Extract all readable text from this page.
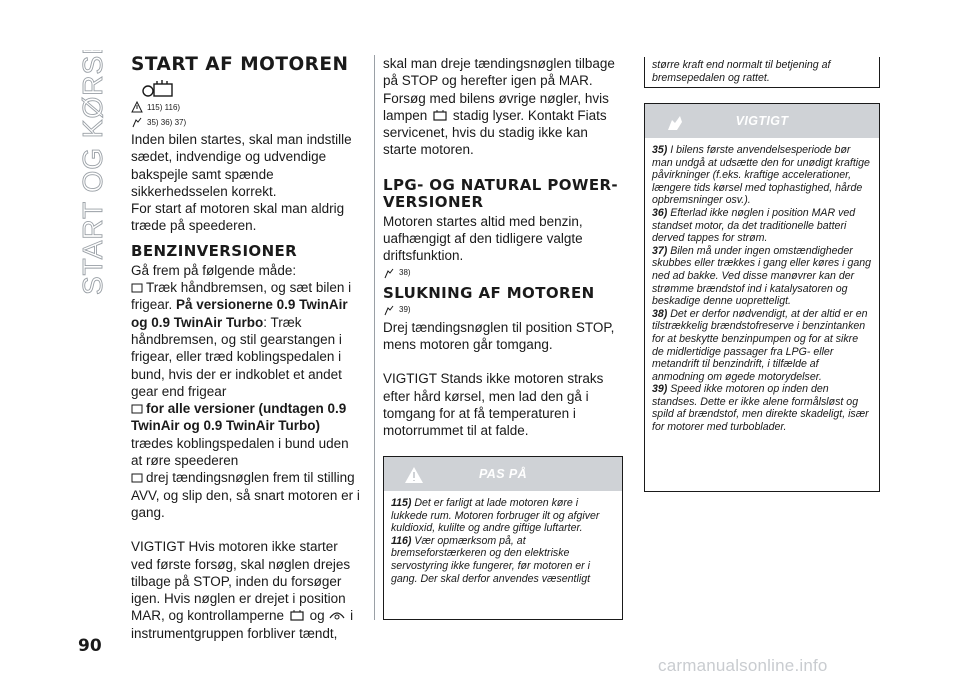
START OG KØRSEL START AF MOTOREN
115) 116)
35) 36) 37)

Inden bilen startes, skal man indstille sædet, indvendige og udvendige bakspejle samt spænde sikkerhedsselen korrekt.

For start af motoren skal man aldrig træde på speederen.

BENZINVERSIONER

Gå frem på følgende måde:

Træk håndbremsen, og sæt bilen i frigear. På versionerne 0.9 TwinAir og 0.9 TwinAir Turbo: Træk håndbremsen, og stil gearstangen i frigear, eller træd koblingspedalen i bund, hvis der er indkoblet et andet gear end frigear

for alle versioner (undtagen 0.9 TwinAir og 0.9 TwinAir Turbo) trædes koblingspedalen i bund uden at røre speederen

drej tændingsnøglen frem til stilling AVV, og slip den, så snart motoren er i gang.

VIGTIGT Hvis motoren ikke starter ved første forsøg, skal nøglen drejes tilbage på STOP, inden du forsøger igen. Hvis nøglen er drejet i position MAR, og kontrollamperne og i instrumentgruppen forbliver tændt,

skal man dreje tændingsnøglen tilbage på STOP og herefter igen på MAR. Forsøg med bilens øvrige nøgler, hvis lampen stadig lyser. Kontakt Fiats servicenet, hvis du stadig ikke kan starte motoren.

LPG- OG NATURAL POWER-VERSIONER

Motoren startes altid med benzin, uafhængigt af den tidligere valgte driftsfunktion.

38)
SLUKNING AF MOTOREN
39)

Drej tændingsnøglen til position STOP, mens motoren går tomgang.

VIGTIGT Stands ikke motoren straks efter hård kørsel, men lad den gå i tomgang for at få temperaturen i motorrummet til at falde.

PAS PÅ
115) Det er farligt at lade motoren køre i lukkede rum. Motoren forbruger ilt og afgiver kuldioxid, kulilte og andre giftige luftarter.
116) Vær opmærksom på, at bremseforstærkeren og den elektriske servostyring ikke fungerer, før motoren er i gang. Der skal derfor anvendes væsentligt
større kraft end normalt til betjening af bremsepedalen og rattet.
VIGTIGT
35) I bilens første anvendelsesperiode bør man undgå at udsætte den for unødigt kraftige påvirkninger (f.eks. kraftige accelerationer, længere tids kørsel med tophastighed, hårde opbremsninger osv.).
36) Efterlad ikke nøglen i position MAR ved standset motor, da det traditionelle batteri derved tappes for strøm.
37) Bilen må under ingen omstændigheder skubbes eller trækkes i gang eller køres i gang ned ad bakke. Ved disse manøvrer kan der strømme brændstof ind i katalysatoren og beskadige denne uopretteligt.
38) Det er derfor nødvendigt, at der altid er en tilstrækkelig brændstofreserve i benzintanken for at beskytte benzinpumpen og for at sikre de midlertidige passager fra LPG- eller metandrift til benzindrift, i tilfælde af anmodning om øgede motorydelser.
39) Speed ikke motoren op inden den standses. Dette er ikke alene formålsløst og spild af brændstof, men direkte skadeligt, især for motorer med turboblader.
90
carmanualsonline.info
